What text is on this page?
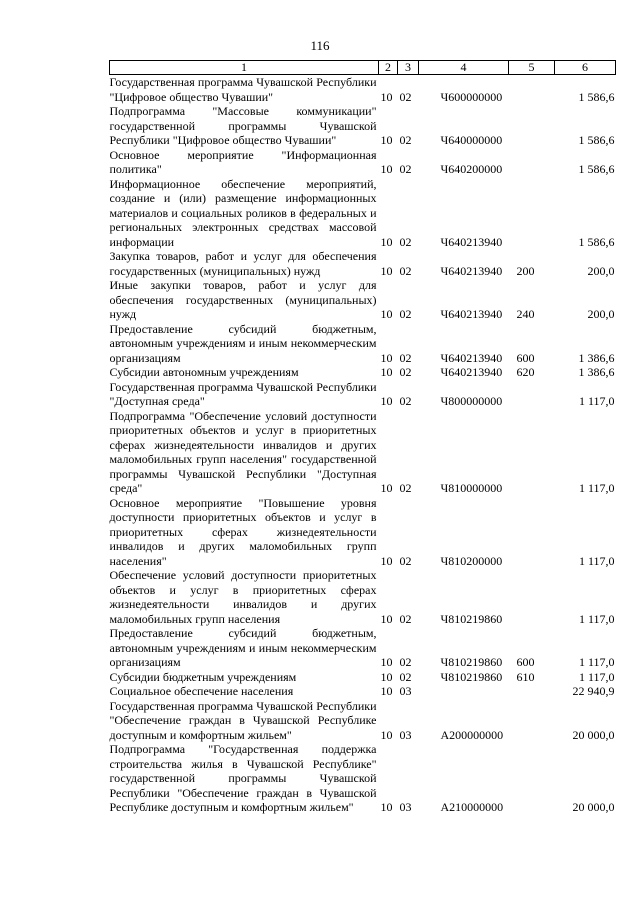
116
1	2	3	4	5	6
Государственная программа Чувашской Республики "Цифровое общество Чувашии"	10	02	Ч600000000		1 586,6
Подпрограмма "Массовые коммуникации" государственной программы Чувашской Республики "Цифровое общество Чувашии"	10	02	Ч640000000		1 586,6
Основное мероприятие "Информационная политика"	10	02	Ч640200000		1 586,6
Информационное обеспечение мероприятий, создание и (или) размещение информационных материалов и социальных роликов в федеральных и региональных электронных средствах массовой информации	10	02	Ч640213940		1 586,6
Закупка товаров, работ и услуг для обеспечения государственных (муниципальных) нужд	10	02	Ч640213940	200	200,0
Иные закупки товаров, работ и услуг для обеспечения государственных (муниципальных) нужд	10	02	Ч640213940	240	200,0
Предоставление субсидий бюджетным, автономным учреждениям и иным некоммерческим организациям	10	02	Ч640213940	600	1 386,6
Субсидии автономным учреждениям	10	02	Ч640213940	620	1 386,6
Государственная программа Чувашской Республики "Доступная среда"	10	02	Ч800000000		1 117,0
Подпрограмма "Обеспечение условий доступности приоритетных объектов и услуг в приоритетных сферах жизнедеятельности инвалидов и других маломобильных групп населения" государственной программы Чувашской Республики "Доступная среда"	10	02	Ч810000000		1 117,0
Основное мероприятие "Повышение уровня доступности приоритетных объектов и услуг в приоритетных сферах жизнедеятельности инвалидов и других маломобильных групп населения"	10	02	Ч810200000		1 117,0
Обеспечение условий доступности приоритетных объектов и услуг в приоритетных сферах жизнедеятельности инвалидов и других маломобильных групп населения	10	02	Ч810219860		1 117,0
Предоставление субсидий бюджетным, автономным учреждениям и иным некоммерческим организациям	10	02	Ч810219860	600	1 117,0
Субсидии бюджетным учреждениям	10	02	Ч810219860	610	1 117,0
Социальное обеспечение населения	10	03			22 940,9
Государственная программа Чувашской Республики "Обеспечение граждан в Чувашской Республике доступным и комфортным жильем"	10	03	А200000000		20 000,0
Подпрограмма "Государственная поддержка строительства жилья в Чувашской Республике" государственной программы Чувашской Республики "Обеспечение граждан в Чувашской Республике доступным и комфортным жильем"	10	03	А210000000		20 000,0
